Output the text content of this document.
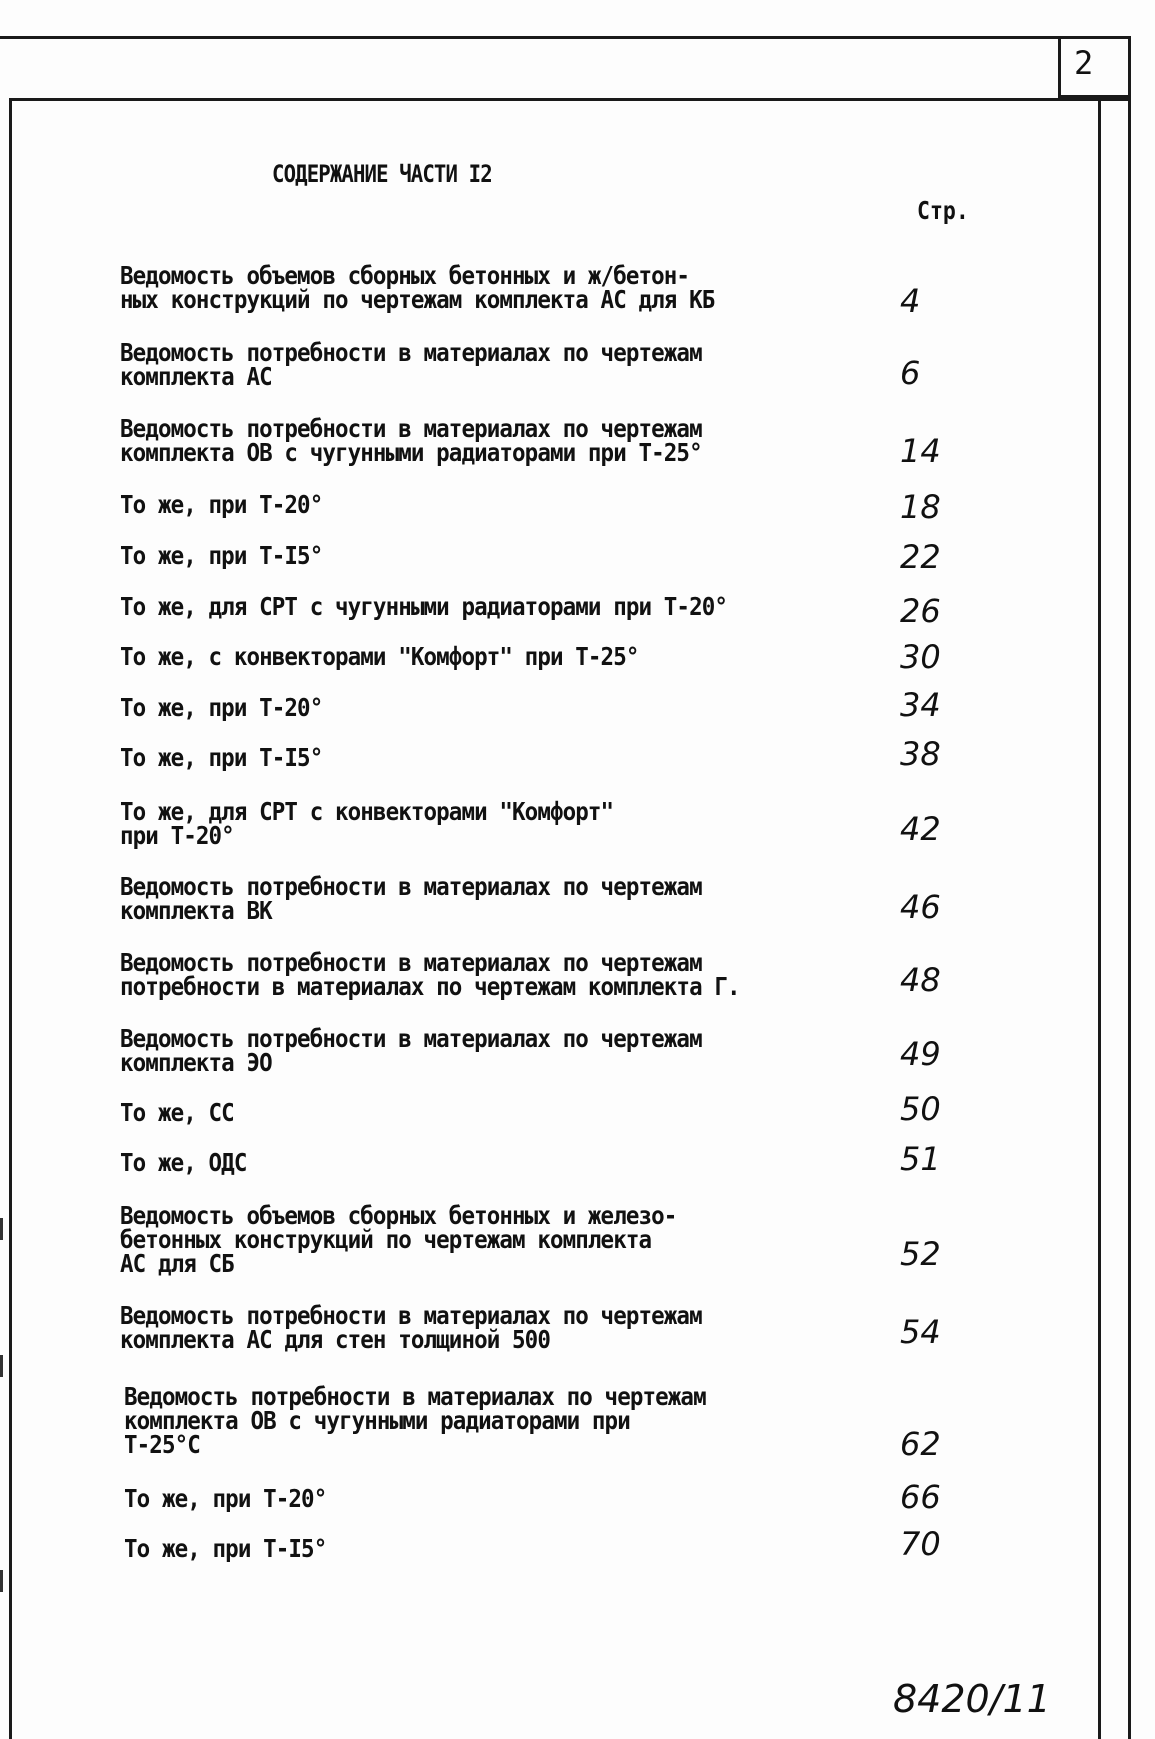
2
СОДЕРЖАНИЕ ЧАСТИ I2
Стр.
Ведомость объемов сборных бетонных и ж/бетон-
ных конструкций по чертежам комплекта АС для КБ	4
Ведомость потребности в материалах по чертежам
комплекта АС	6
Ведомость потребности в материалах по чертежам
комплекта ОВ с чугунными радиаторами при Т-25°	14
То же, при Т-20°	18
То же, при Т-I5°	22
То же, для СРТ с чугунными радиаторами при Т-20°	26
То же, с конвекторами "Комфорт" при Т-25°	30
То же, при Т-20°	34
То же, при Т-I5°	38
То же, для СРТ с конвекторами "Комфорт"
при Т-20°	42
Ведомость потребности в материалах по чертежам
комплекта ВК	46
Ведомость потребности в материалах по чертежам
потребности в материалах по чертежам комплекта Г.	48
Ведомость потребности в материалах по чертежам
комплекта ЭО	49
То же, СС	50
То же, ОДС	51
Ведомость объемов сборных бетонных и железо-
бетонных конструкций по чертежам комплекта
АС для СБ	52
Ведомость потребности в материалах по чертежам
комплекта АС для стен толщиной 500	54
Ведомость потребности в материалах по чертежам
комплекта ОВ с чугунными радиаторами при
Т-25°С	62
То же, при Т-20°	66
То же, при Т-I5°	70
8420/11
